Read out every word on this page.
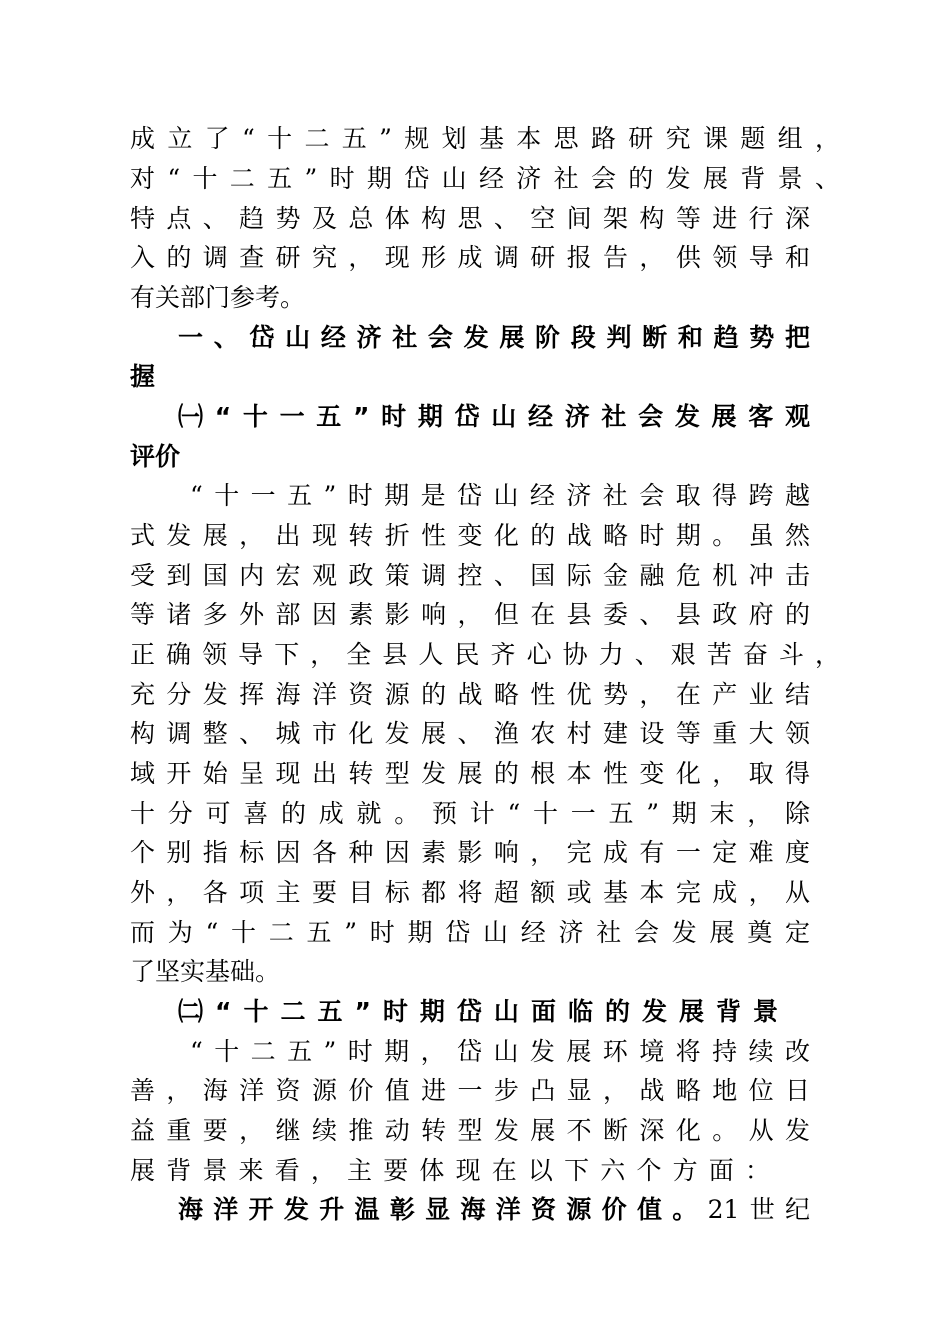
成立了“十二五”规划基本思路研究课题组，
对“十二五”时期岱山经济社会的发展背景、
特点、趋势及总体构思、空间架构等进行深
入的调查研究，现形成调研报告，供领导和
有关部门参考。
一、岱山经济社会发展阶段判断和趋势把
握
㈠“十一五”时期岱山经济社会发展客观
评价
“十一五”时期是岱山经济社会取得跨越
式发展，出现转折性变化的战略时期。虽然
受到国内宏观政策调控、国际金融危机冲击
等诸多外部因素影响，但在县委、县政府的
正确领导下，全县人民齐心协力、艰苦奋斗，
充分发挥海洋资源的战略性优势，在产业结
构调整、城市化发展、渔农村建设等重大领
域开始呈现出转型发展的根本性变化，取得
十分可喜的成就。预计“十一五”期末，除
个别指标因各种因素影响，完成有一定难度
外，各项主要目标都将超额或基本完成，从
而为“十二五”时期岱山经济社会发展奠定
了坚实基础。
㈡“十二五”时期岱山面临的发展背景
“十二五”时期，岱山发展环境将持续改
善，海洋资源价值进一步凸显，战略地位日
益重要，继续推动转型发展不断深化。从发
展背景来看，主要体现在以下六个方面：
海洋开发升温彰显海洋资源价值。21世纪
